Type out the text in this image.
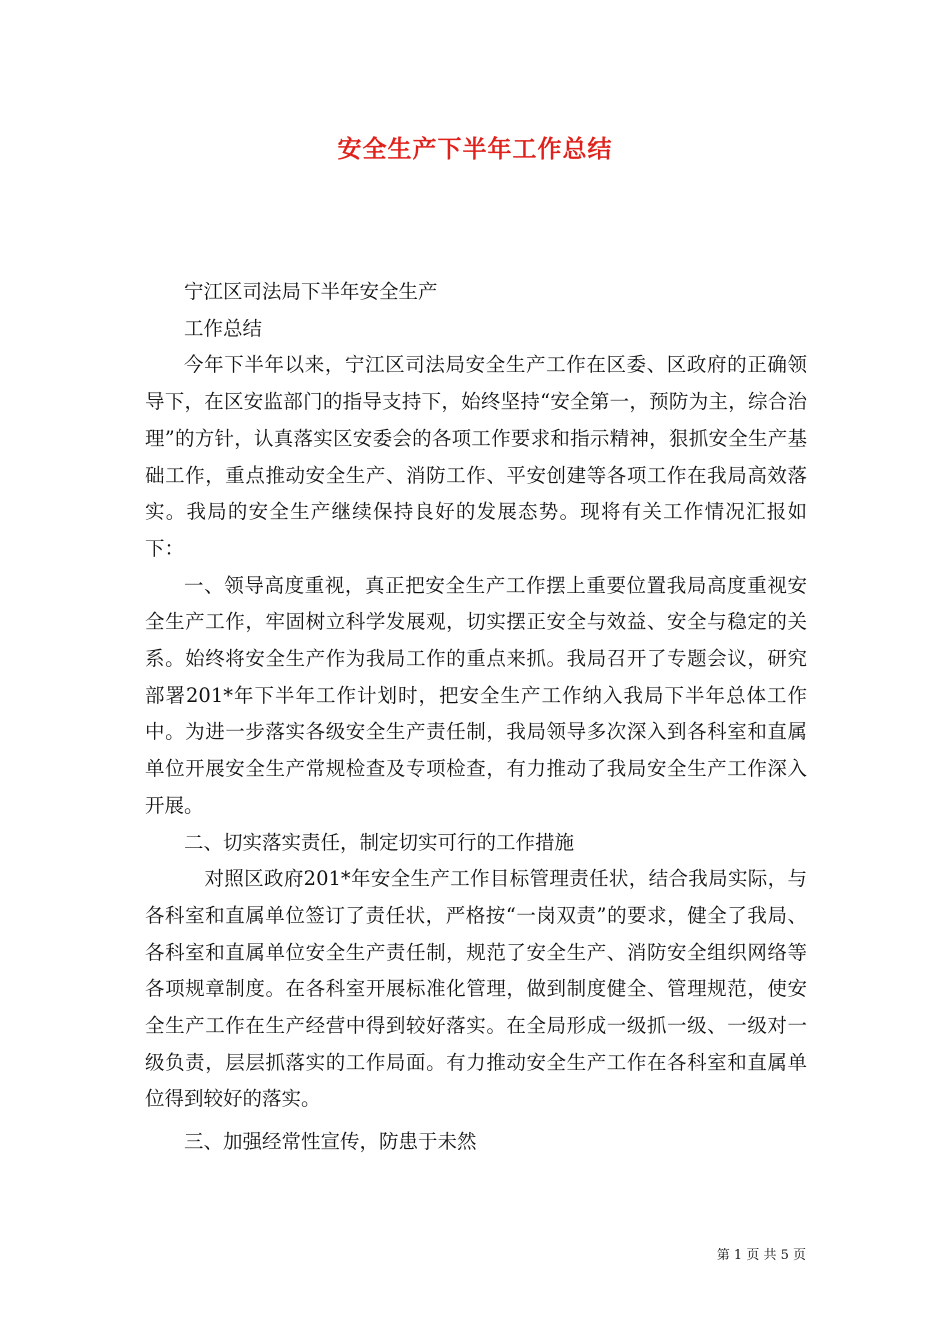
安全生产下半年工作总结

宁江区司法局下半年安全生产

工作总结

今年下半年以来，宁江区司法局安全生产工作在区委、区政府的正确领导下，在区安监部门的指导支持下，始终坚持“安全第一，预防为主，综合治理”的方针，认真落实区安委会的各项工作要求和指示精神，狠抓安全生产基础工作，重点推动安全生产、消防工作、平安创建等各项工作在我局高效落实。我局的安全生产继续保持良好的发展态势。现将有关工作情况汇报如下：

一、领导高度重视，真正把安全生产工作摆上重要位置我局高度重视安全生产工作，牢固树立科学发展观，切实摆正安全与效益、安全与稳定的关系。始终将安全生产作为我局工作的重点来抓。我局召开了专题会议，研究部署201*年下半年工作计划时，把安全生产工作纳入我局下半年总体工作中。为进一步落实各级安全生产责任制，我局领导多次深入到各科室和直属单位开展安全生产常规检查及专项检查，有力推动了我局安全生产工作深入开展。

二、切实落实责任，制定切实可行的工作措施

对照区政府201*年安全生产工作目标管理责任状，结合我局实际，与各科室和直属单位签订了责任状，严格按“一岗双责”的要求，健全了我局、各科室和直属单位安全生产责任制，规范了安全生产、消防安全组织网络等各项规章制度。在各科室开展标准化管理，做到制度健全、管理规范，使安全生产工作在生产经营中得到较好落实。在全局形成一级抓一级、一级对一级负责，层层抓落实的工作局面。有力推动安全生产工作在各科室和直属单位得到较好的落实。

三、加强经常性宣传，防患于未然

第 1 页 共 5 页
